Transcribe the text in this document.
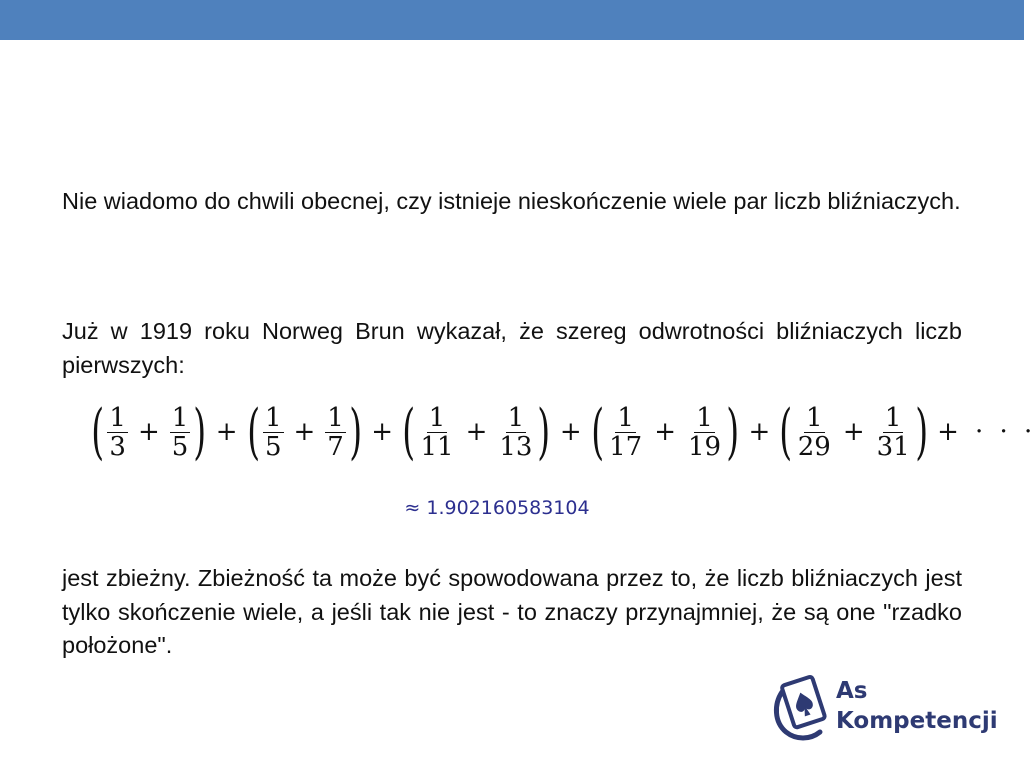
Nie wiadomo do chwili obecnej, czy istnieje nieskończenie wiele par liczb bliźniaczych.

Już w 1919 roku Norweg Brun wykazał, że szereg odwrotności bliźniaczych liczb pierwszych:

( $\frac{1}{3} + \frac{1}{5}$ ) + ( $\frac{1}{5} + \frac{1}{7}$ ) + ( $\frac{1}{11} + \frac{1}{13}$ ) + ( $\frac{1}{17} + \frac{1}{19}$ ) + ( $\frac{1}{29} + \frac{1}{31}$ ) + · · ·
≈ 1.902160583104

jest zbieżny. Zbieżność ta może być spowodowana przez to, że liczb bliźniaczych jest tylko skończenie wiele, a jeśli tak nie jest - to znaczy przynajmniej, że są one "rzadko położone".

As
Kompetencji
